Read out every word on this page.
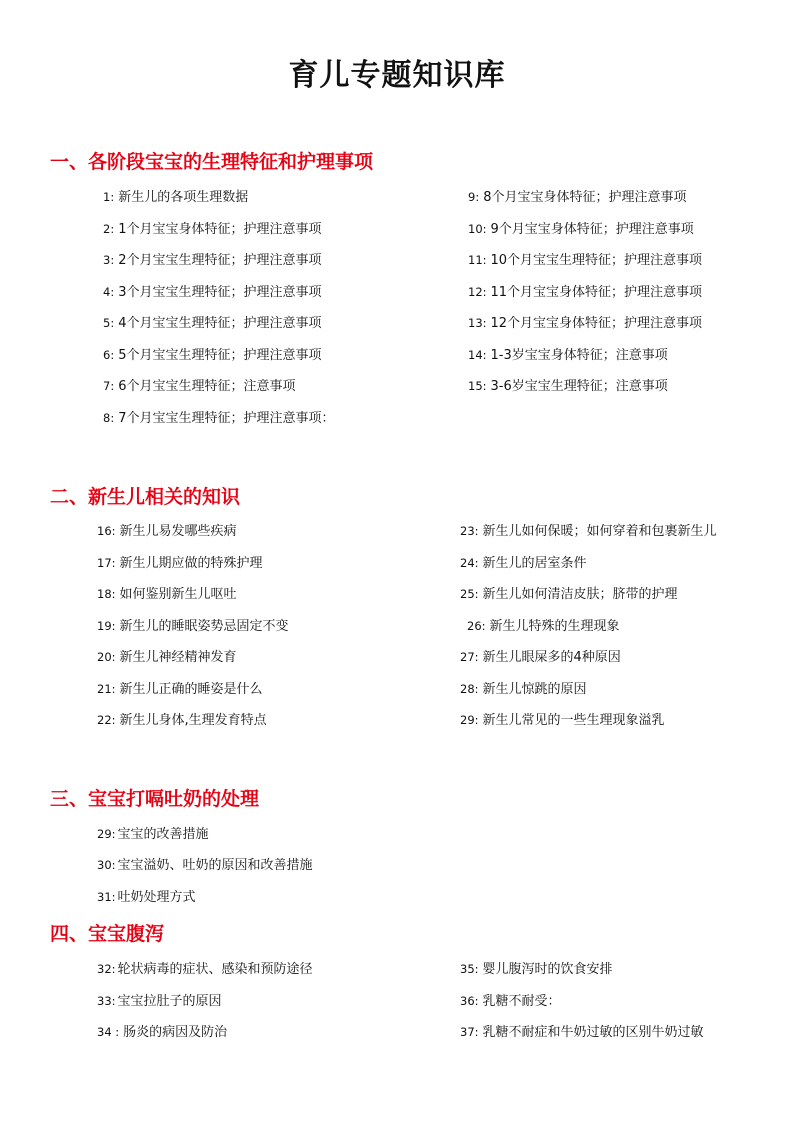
育儿专题知识库
一、各阶段宝宝的生理特征和护理事项
1: 新生儿的各项生理数据
2: 1个月宝宝身体特征；护理注意事项
3: 2个月宝宝生理特征；护理注意事项
4: 3个月宝宝生理特征；护理注意事项
5: 4个月宝宝生理特征；护理注意事项
6: 5个月宝宝生理特征；护理注意事项
7: 6个月宝宝生理特征；注意事项
8: 7个月宝宝生理特征；护理注意事项：
9: 8个月宝宝身体特征；护理注意事项
10: 9个月宝宝身体特征；护理注意事项
11: 10个月宝宝生理特征；护理注意事项
12: 11个月宝宝身体特征；护理注意事项
13: 12个月宝宝身体特征；护理注意事项
14: 1-3岁宝宝身体特征；注意事项
15: 3-6岁宝宝生理特征；注意事项
二、新生儿相关的知识
16: 新生儿易发哪些疾病
17: 新生儿期应做的特殊护理
18: 如何鉴别新生儿呕吐
19: 新生儿的睡眠姿势忌固定不变
20: 新生儿神经精神发育
21: 新生儿正确的睡姿是什么
22: 新生儿身体,生理发育特点
23: 新生儿如何保暖；如何穿着和包裹新生儿
24: 新生儿的居室条件
25: 新生儿如何清洁皮肤；脐带的护理
26: 新生儿特殊的生理现象
27: 新生儿眼屎多的4种原因
28: 新生儿惊跳的原因
29: 新生儿常见的一些生理现象溢乳
三、宝宝打嗝吐奶的处理
29: 宝宝的改善措施
30: 宝宝溢奶、吐奶的原因和改善措施
31: 吐奶处理方式
四、宝宝腹泻
32: 轮状病毒的症状、感染和预防途径
33: 宝宝拉肚子的原因
34 : 肠炎的病因及防治
35: 婴儿腹泻时的饮食安排
36: 乳糖不耐受：
37: 乳糖不耐症和牛奶过敏的区别牛奶过敏
